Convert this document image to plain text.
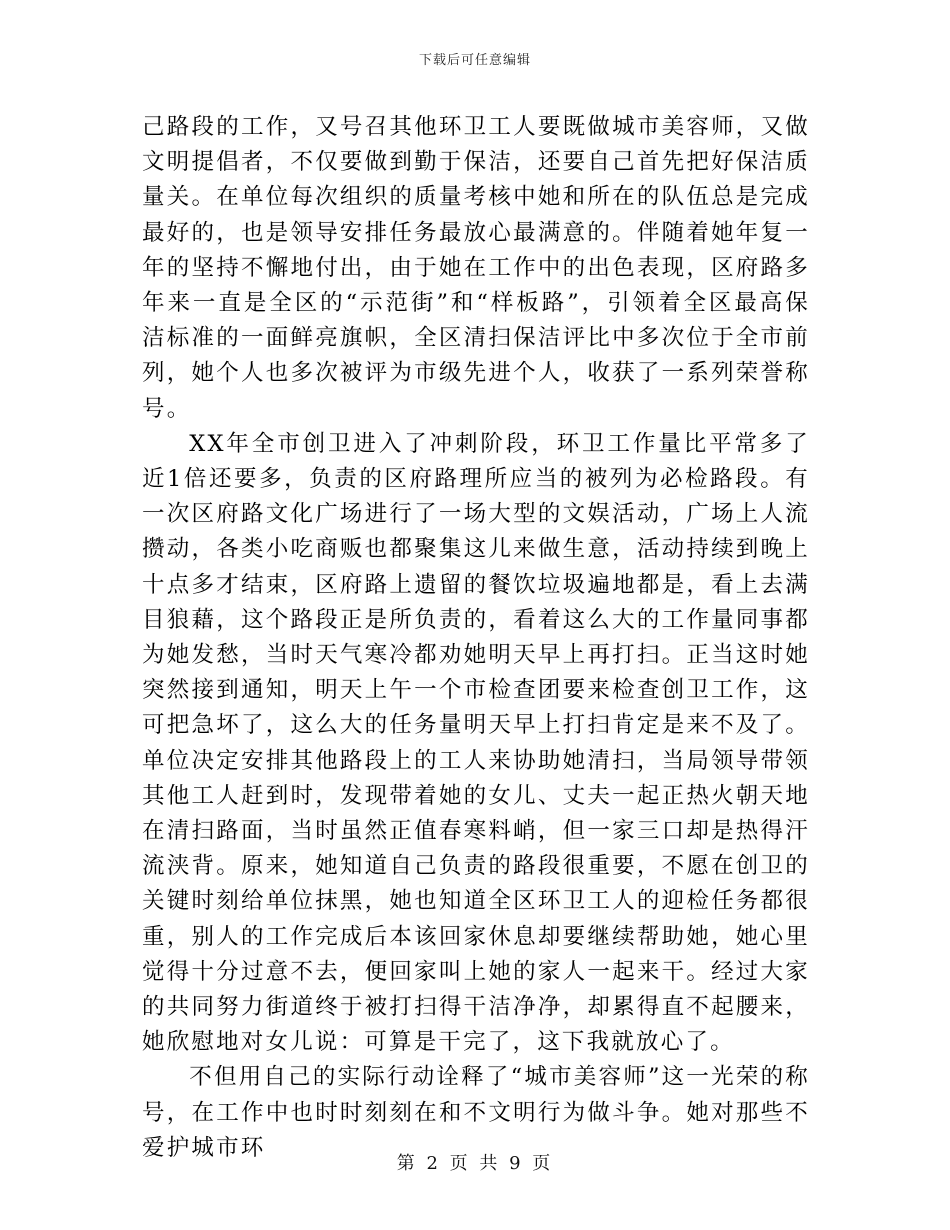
下载后可任意编辑

己路段的工作，又号召其他环卫工人要既做城市美容师，又做文明提倡者，不仅要做到勤于保洁，还要自己首先把好保洁质量关。在单位每次组织的质量考核中她和所在的队伍总是完成最好的，也是领导安排任务最放心最满意的。伴随着她年复一年的坚持不懈地付出，由于她在工作中的出色表现，区府路多年来一直是全区的“示范街”和“样板路”，引领着全区最高保洁标准的一面鲜亮旗帜，全区清扫保洁评比中多次位于全市前列，她个人也多次被评为市级先进个人，收获了一系列荣誉称号。

XX年全市创卫进入了冲刺阶段，环卫工作量比平常多了近1倍还要多，负责的区府路理所应当的被列为必检路段。有一次区府路文化广场进行了一场大型的文娱活动，广场上人流攒动，各类小吃商贩也都聚集这儿来做生意，活动持续到晚上十点多才结束，区府路上遗留的餐饮垃圾遍地都是，看上去满目狼藉，这个路段正是所负责的，看着这么大的工作量同事都为她发愁，当时天气寒冷都劝她明天早上再打扫。正当这时她突然接到通知，明天上午一个市检查团要来检查创卫工作，这可把急坏了，这么大的任务量明天早上打扫肯定是来不及了。单位决定安排其他路段上的工人来协助她清扫，当局领导带领其他工人赶到时，发现带着她的女儿、丈夫一起正热火朝天地在清扫路面，当时虽然正值春寒料峭，但一家三口却是热得汗流浃背。原来，她知道自己负责的路段很重要，不愿在创卫的关键时刻给单位抹黑，她也知道全区环卫工人的迎检任务都很重，别人的工作完成后本该回家休息却要继续帮助她，她心里觉得十分过意不去，便回家叫上她的家人一起来干。经过大家的共同努力街道终于被打扫得干洁净净，却累得直不起腰来，她欣慰地对女儿说：可算是干完了，这下我就放心了。

不但用自己的实际行动诠释了“城市美容师”这一光荣的称号，在工作中也时时刻刻在和不文明行为做斗争。她对那些不爱护城市环

第 2 页 共 9 页
